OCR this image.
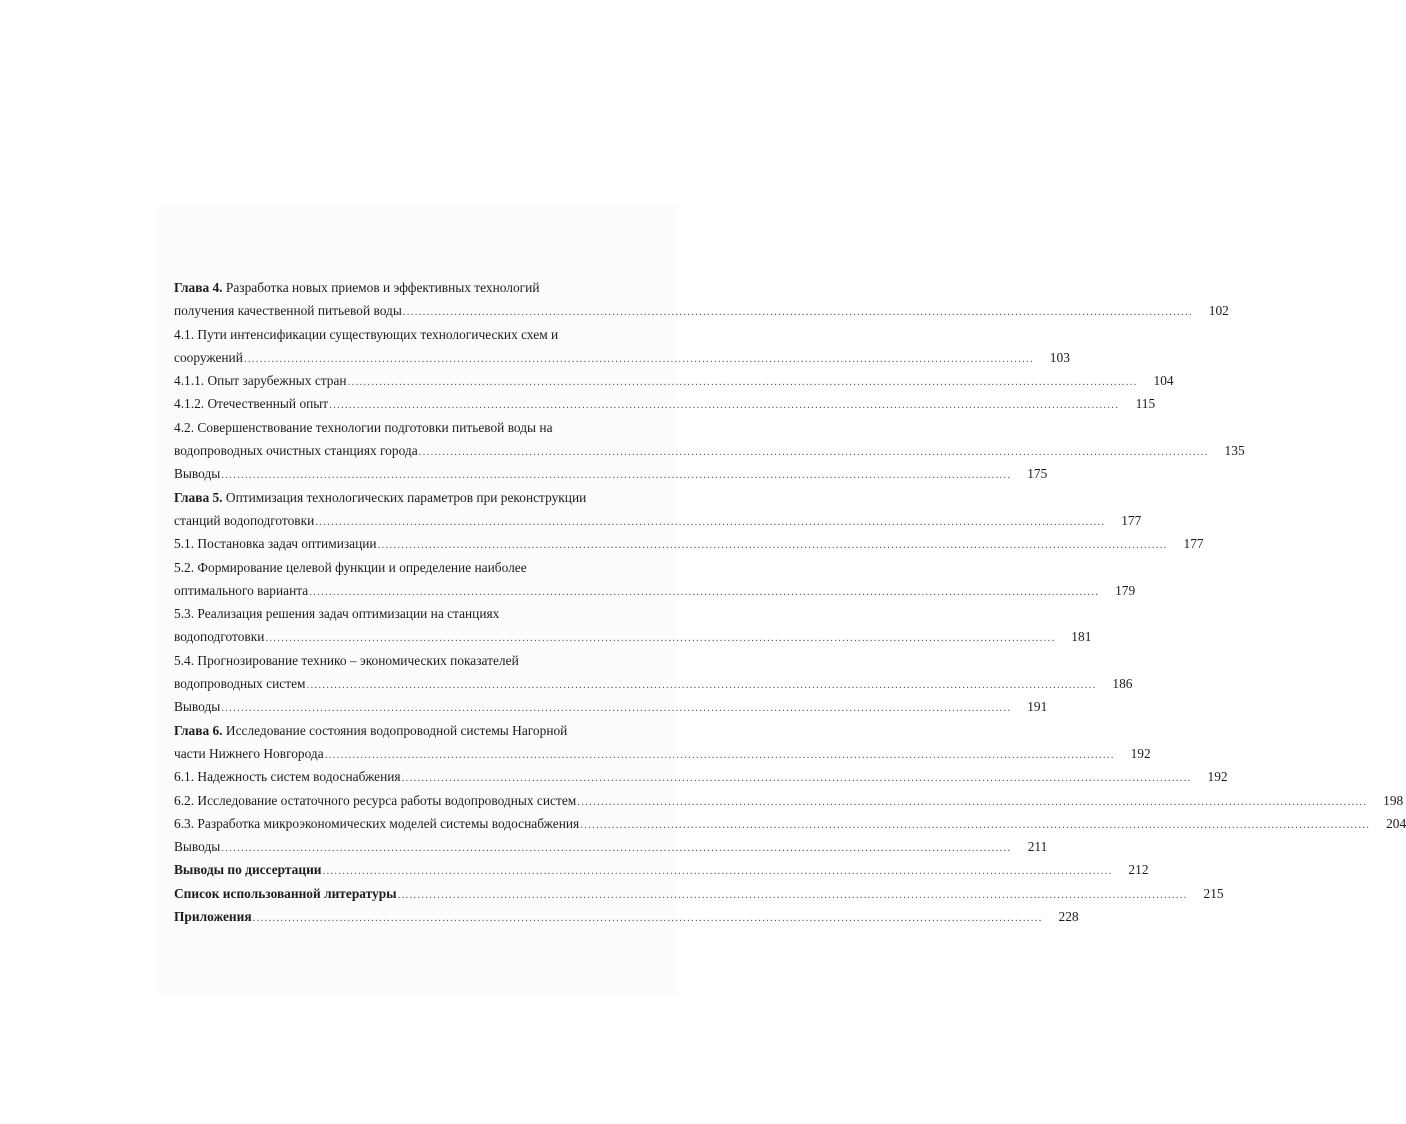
Глава 4. Разработка новых приемов и эффективных технологий
получения качественной питьевой воды ........................................................................................................................................................................................................ 102
4.1. Пути интенсификации существующих технологических схем и
сооружений ........................................................................................................................................................................................................ 103
4.1.1. Опыт зарубежных стран ........................................................................................................................................................................................................ 104
4.1.2. Отечественный опыт ........................................................................................................................................................................................................ 115
4.2. Совершенствование технологии подготовки питьевой воды на
водопроводных очистных станциях города ........................................................................................................................................................................................................ 135
Выводы ........................................................................................................................................................................................................ 175
Глава 5. Оптимизация технологических параметров при реконструкции
станций водоподготовки ........................................................................................................................................................................................................ 177
5.1. Постановка задач оптимизации ........................................................................................................................................................................................................ 177
5.2. Формирование целевой функции и определение наиболее
оптимального варианта ........................................................................................................................................................................................................ 179
5.3. Реализация решения задач оптимизации на станциях
водоподготовки ........................................................................................................................................................................................................ 181
5.4. Прогнозирование технико – экономических показателей
водопроводных систем ........................................................................................................................................................................................................ 186
Выводы ........................................................................................................................................................................................................ 191
Глава 6. Исследование состояния водопроводной системы Нагорной
части Нижнего Новгорода ........................................................................................................................................................................................................ 192
6.1. Надежность систем водоснабжения ........................................................................................................................................................................................................ 192
6.2. Исследование остаточного ресурса работы водопроводных систем ........................................................................................................................................................................................................ 198
6.3. Разработка микроэкономических моделей системы водоснабжения ........................................................................................................................................................................................................ 204
Выводы ........................................................................................................................................................................................................ 211
Выводы по диссертации ........................................................................................................................................................................................................ 212
Список использованной литературы ........................................................................................................................................................................................................ 215
Приложения ........................................................................................................................................................................................................ 228
